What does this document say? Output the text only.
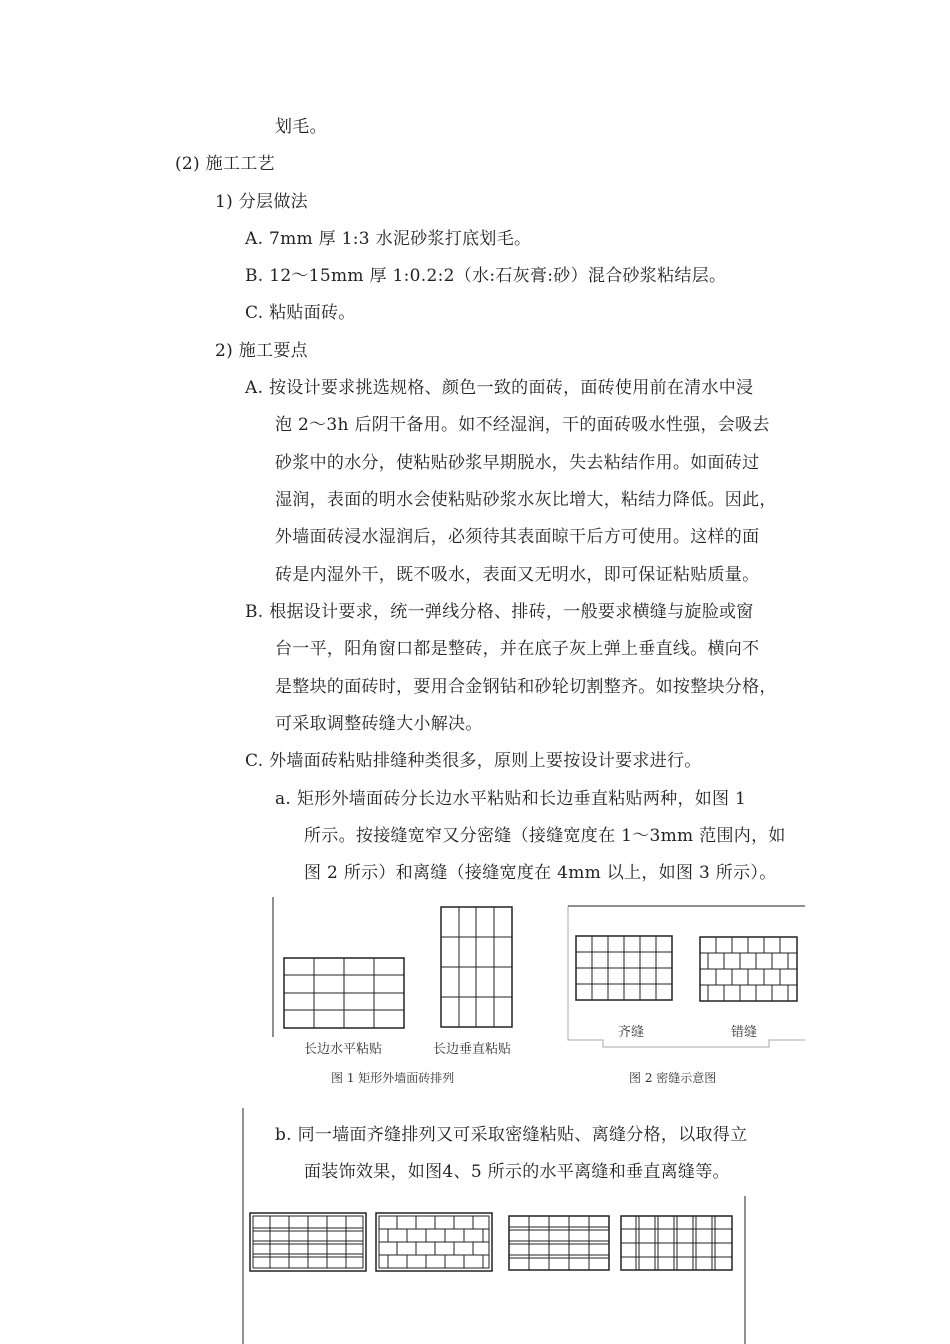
划毛。
(2) 施工工艺
1) 分层做法
A. 7mm 厚 1:3 水泥砂浆打底划毛。
B. 12～15mm 厚 1:0.2:2（水:石灰膏:砂）混合砂浆粘结层。
C. 粘贴面砖。
2) 施工要点
A. 按设计要求挑选规格、颜色一致的面砖，面砖使用前在清水中浸
泡 2～3h 后阴干备用。如不经湿润，干的面砖吸水性强，会吸去
砂浆中的水分，使粘贴砂浆早期脱水，失去粘结作用。如面砖过
湿润，表面的明水会使粘贴砂浆水灰比增大，粘结力降低。因此，
外墙面砖浸水湿润后，必须待其表面晾干后方可使用。这样的面
砖是内湿外干，既不吸水，表面又无明水，即可保证粘贴质量。
B. 根据设计要求，统一弹线分格、排砖，一般要求横缝与旋脸或窗
台一平，阳角窗口都是整砖，并在底子灰上弹上垂直线。横向不
是整块的面砖时，要用合金钢钻和砂轮切割整齐。如按整块分格，
可采取调整砖缝大小解决。
C. 外墙面砖粘贴排缝种类很多，原则上要按设计要求进行。
a. 矩形外墙面砖分长边水平粘贴和长边垂直粘贴两种，如图 1
所示。按接缝宽窄又分密缝（接缝宽度在 1～3mm 范围内，如
图 2 所示）和离缝（接缝宽度在 4mm 以上，如图 3 所示）。
b. 同一墙面齐缝排列又可采取密缝粘贴、离缝分格，以取得立
面装饰效果，如图4、5 所示的水平离缝和垂直离缝等。
长边水平粘贴	长边垂直粘贴
图 1 矩形外墙面砖排列
齐缝	错缝
图 2 密缝示意图
